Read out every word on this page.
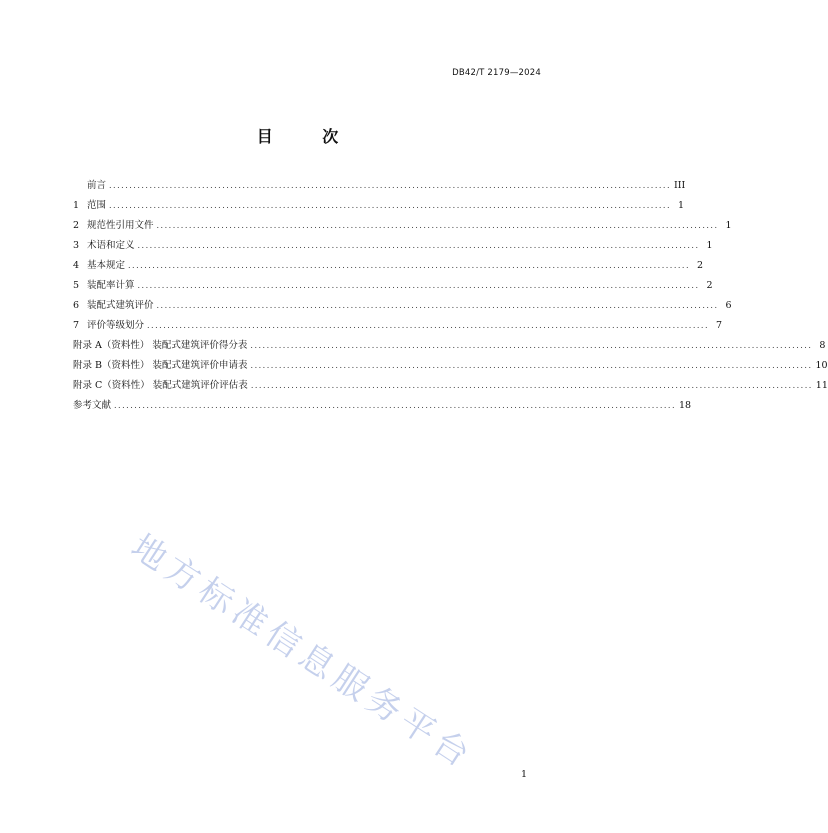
DB42/T 2179—2024
目 次
前言 ........................................................................................................................................... III
1 范围 ........................................................................................................................................... 1
2 规范性引用文件 ........................................................................................................................................... 1
3 术语和定义 ........................................................................................................................................... 1
4 基本规定 ........................................................................................................................................... 2
5 装配率计算 ........................................................................................................................................... 2
6 装配式建筑评价 ........................................................................................................................................... 6
7 评价等级划分 ........................................................................................................................................... 7
附录 A（资料性） 装配式建筑评价得分表 ........................................................................................................................................... 8
附录 B（资料性） 装配式建筑评价申请表 ........................................................................................................................................... 10
附录 C（资料性） 装配式建筑评价评估表 ........................................................................................................................................... 11
参考文献 ........................................................................................................................................... 18
地方标准信息服务平台	1
